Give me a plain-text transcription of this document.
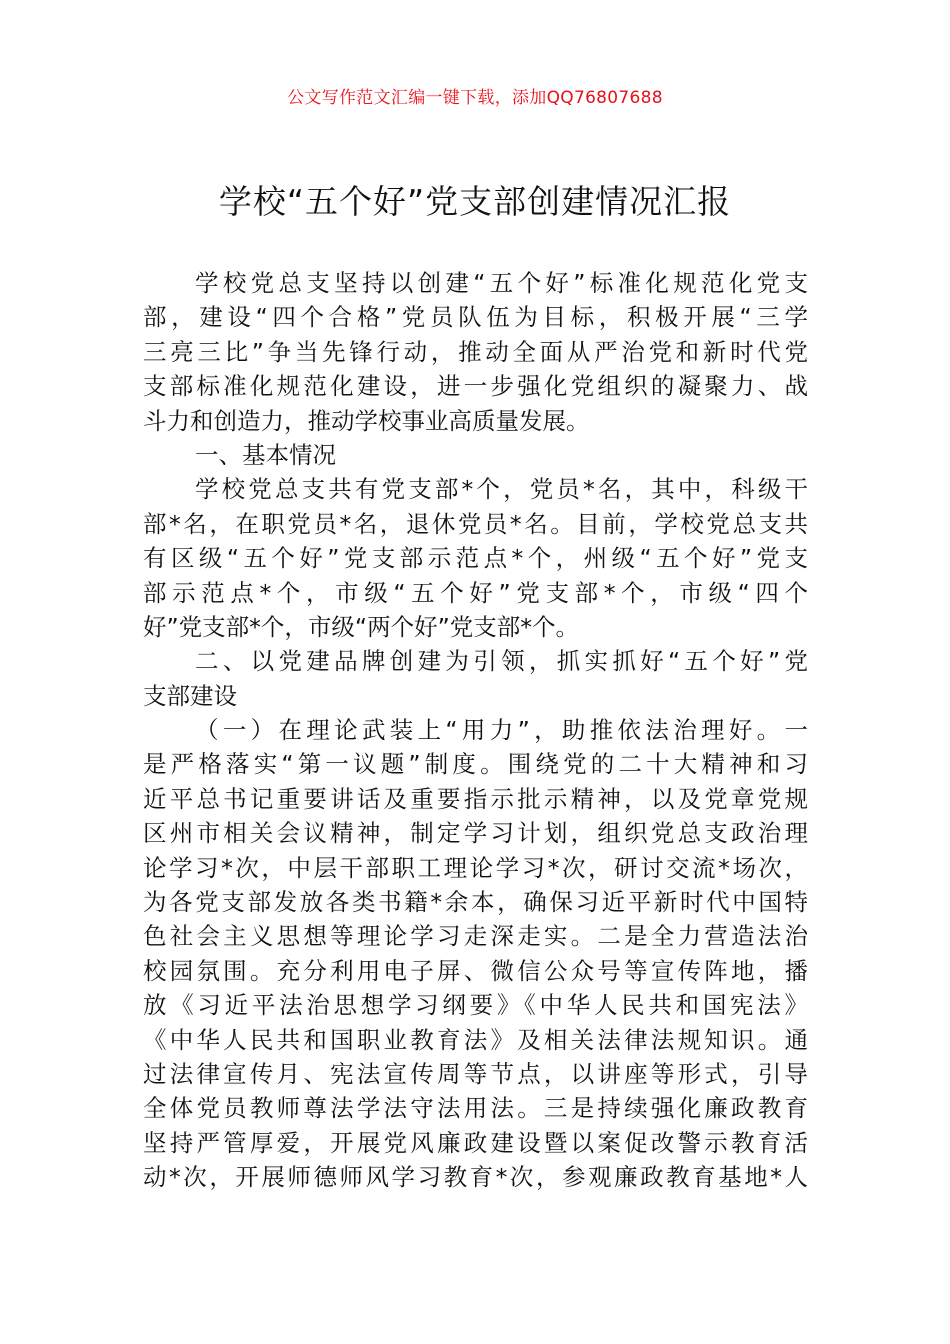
公文写作范文汇编一键下载，添加QQ76807688
学校“五个好”党支部创建情况汇报
学校党总支坚持以创建“五个好”标准化规范化党支
部，建设“四个合格”党员队伍为目标，积极开展“三学
三亮三比”争当先锋行动，推动全面从严治党和新时代党
支部标准化规范化建设，进一步强化党组织的凝聚力、战
斗力和创造力，推动学校事业高质量发展。
一、基本情况
学校党总支共有党支部*个，党员*名，其中，科级干
部*名，在职党员*名，退休党员*名。目前，学校党总支共
有区级“五个好”党支部示范点*个，州级“五个好”党支
部示范点*个，市级“五个好”党支部*个，市级“四个
好”党支部*个，市级“两个好”党支部*个。
二、以党建品牌创建为引领，抓实抓好“五个好”党
支部建设
（一）在理论武装上“用力”，助推依法治理好。一
是严格落实“第一议题”制度。围绕党的二十大精神和习
近平总书记重要讲话及重要指示批示精神，以及党章党规
区州市相关会议精神，制定学习计划，组织党总支政治理
论学习*次，中层干部职工理论学习*次，研讨交流*场次，
为各党支部发放各类书籍*余本，确保习近平新时代中国特
色社会主义思想等理论学习走深走实。二是全力营造法治
校园氛围。充分利用电子屏、微信公众号等宣传阵地，播
放《习近平法治思想学习纲要》《中华人民共和国宪法》
《中华人民共和国职业教育法》及相关法律法规知识。通
过法律宣传月、宪法宣传周等节点，以讲座等形式，引导
全体党员教师尊法学法守法用法。三是持续强化廉政教育
坚持严管厚爱，开展党风廉政建设暨以案促改警示教育活
动*次，开展师德师风学习教育*次，参观廉政教育基地*人
